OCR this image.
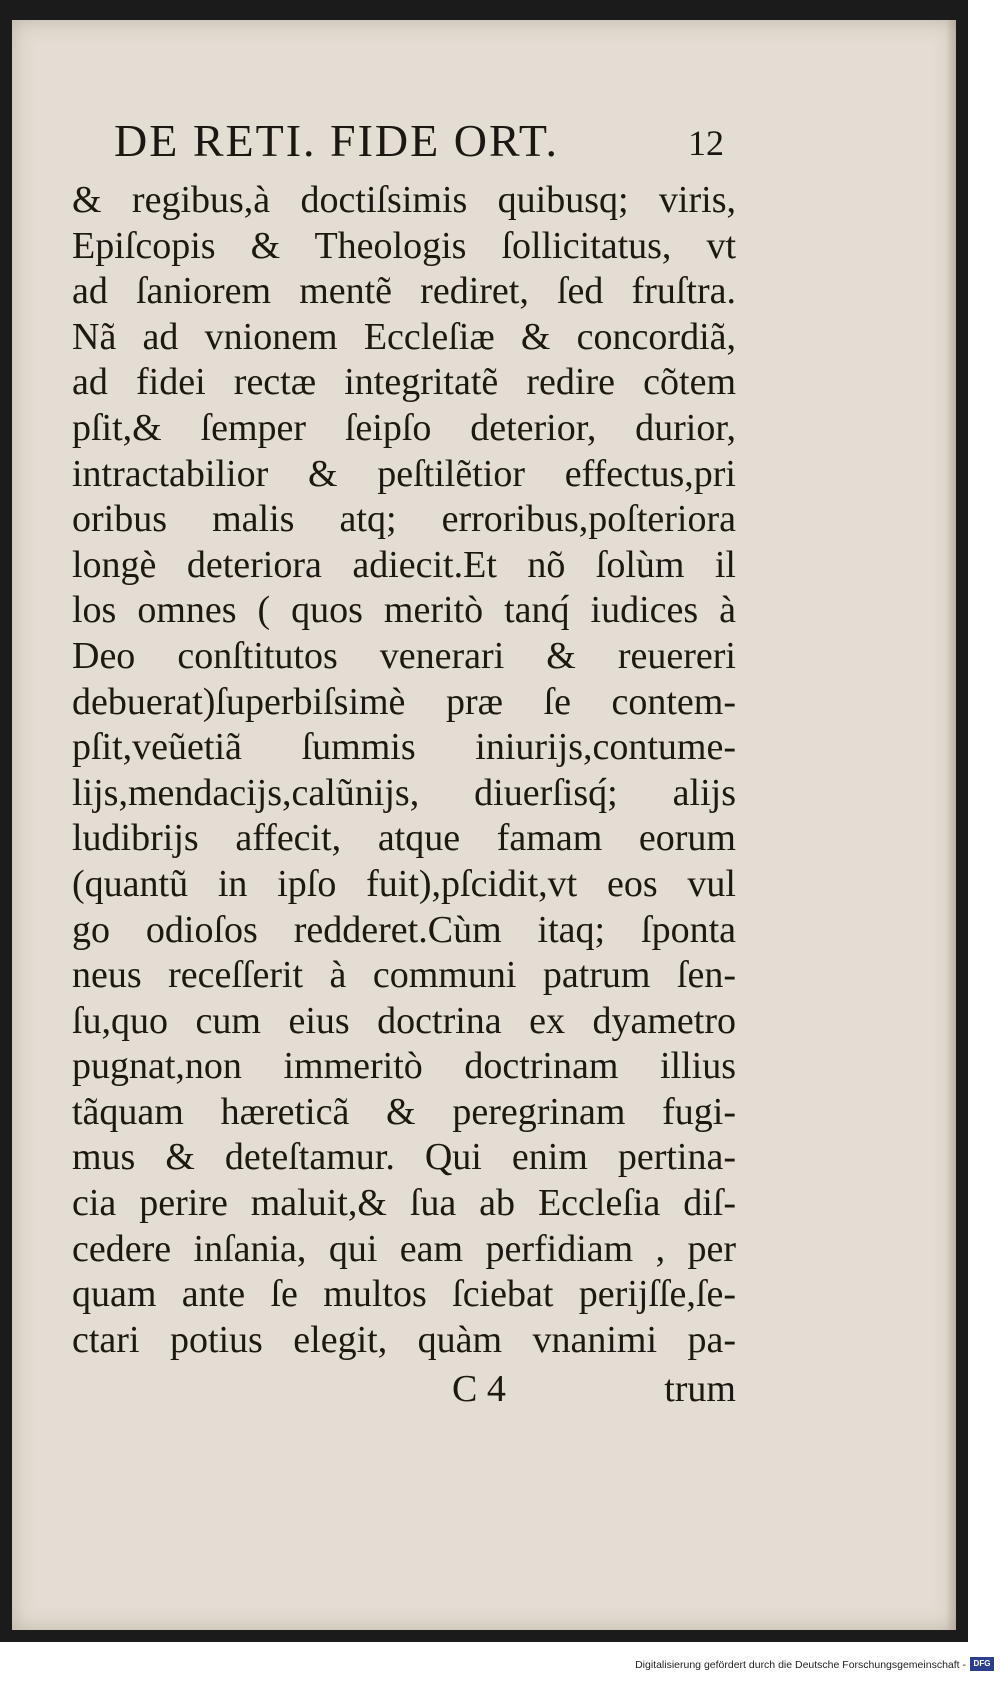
DE RETI. FIDE ORT.	12
& regibus,à doctiſsimis quibusq; viris,
Epiſcopis & Theologis ſollicitatus, vt
ad ſaniorem mentẽ rediret, ſed fruſtra.
Nã ad vnionem Eccleſiæ & concordiã,
ad fidei rectæ integritatẽ redire cõtem
pſit,& ſemper ſeipſo deterior, durior,
intractabilior & peſtilẽtior effectus,pri
oribus malis atq; erroribus,poſteriora
longè deteriora adiecit.Et nõ ſolùm il
los omnes ( quos meritò tanq́ iudices à
Deo conſtitutos venerari & reuereri
debuerat)ſuperbiſsimè præ ſe contem-
pſit,veũetiã ſummis iniurijs,contume-
lijs,mendacijs,calũnijs, diuerſisq́; alijs
ludibrijs affecit, atque famam eorum
(quantũ in ipſo fuit),pſcidit,vt eos vul
go odioſos redderet.Cùm itaq; ſponta
neus receſſerit à communi patrum ſen-
ſu,quo cum eius doctrina ex dyametro
pugnat,non immeritò doctrinam illius
tãquam hæreticã & peregrinam fugi-
mus & deteſtamur. Qui enim pertina-
cia perire maluit,& ſua ab Eccleſia diſ-
cedere inſania, qui eam perfidiam , per
quam ante ſe multos ſciebat perijſſe,ſe-
ctari potius elegit, quàm vnanimi pa-
C 4	trum
Digitalisierung gefördert durch die Deutsche Forschungsgemeinschaft - DFG
